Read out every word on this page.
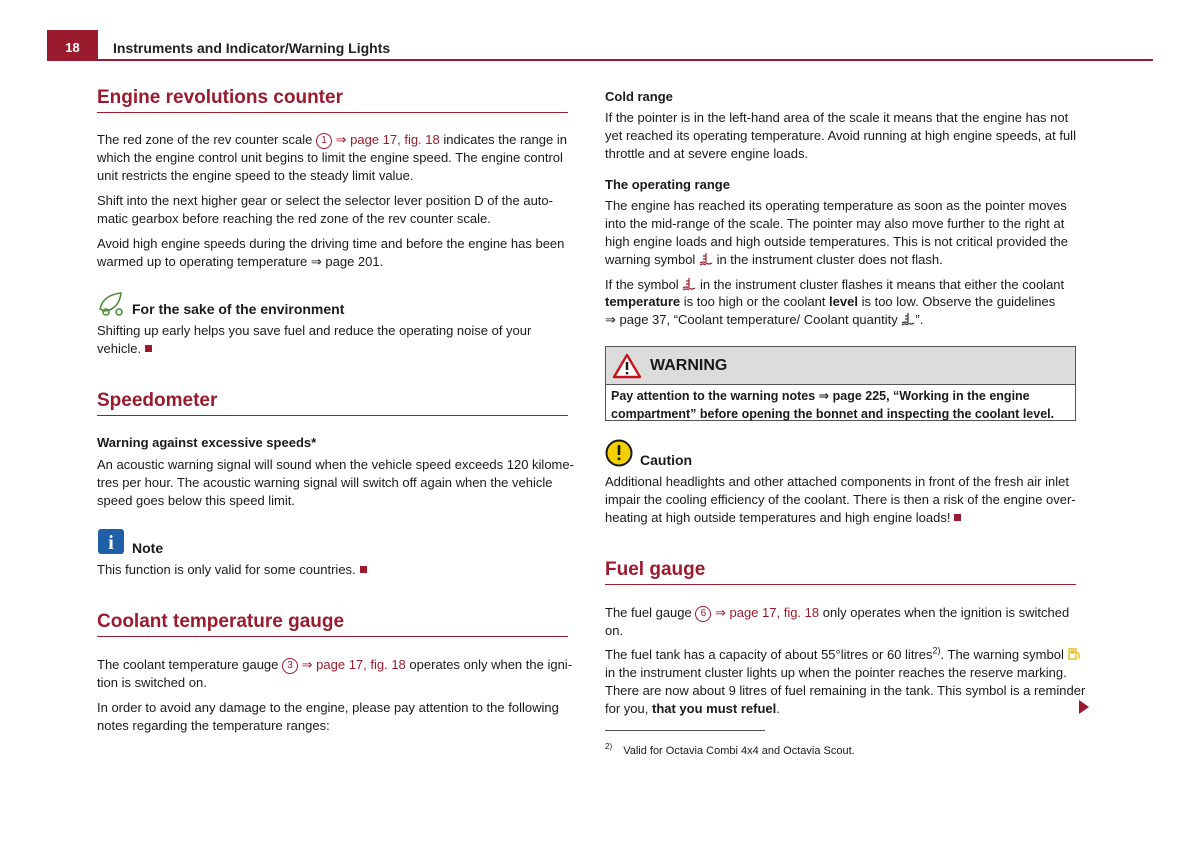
18	Instruments and Indicator/Warning Lights
Engine revolutions counter
The red zone of the rev counter scale 1 ⇒ page 17, fig. 18 indicates the range in
which the engine control unit begins to limit the engine speed. The engine control
unit restricts the engine speed to the steady limit value.
Shift into the next higher gear or select the selector lever position D of the auto-
matic gearbox before reaching the red zone of the rev counter scale.
Avoid high engine speeds during the driving time and before the engine has been
warmed up to operating temperature ⇒ page 201.
For the sake of the environment
Shifting up early helps you save fuel and reduce the operating noise of your
vehicle.
Speedometer
Warning against excessive speeds*
An acoustic warning signal will sound when the vehicle speed exceeds 120 kilome-
tres per hour. The acoustic warning signal will switch off again when the vehicle
speed goes below this speed limit.
i Note
This function is only valid for some countries.
Coolant temperature gauge
The coolant temperature gauge 3 ⇒ page 17, fig. 18 operates only when the igni-
tion is switched on.
In order to avoid any damage to the engine, please pay attention to the following
notes regarding the temperature ranges:
Cold range
If the pointer is in the left-hand area of the scale it means that the engine has not
yet reached its operating temperature. Avoid running at high engine speeds, at full
throttle and at severe engine loads.
The operating range
The engine has reached its operating temperature as soon as the pointer moves
into the mid-range of the scale. The pointer may also move further to the right at
high engine loads and high outside temperatures. This is not critical provided the
warning symbol in the instrument cluster does not flash.
If the symbol in the instrument cluster flashes it means that either the coolant
temperature is too high or the coolant level is too low. Observe the guidelines
⇒ page 37, “Coolant temperature/ Coolant quantity ”.
WARNING
Pay attention to the warning notes ⇒ page 225, “Working in the engine
compartment” before opening the bonnet and inspecting the coolant level.
Caution
Additional headlights and other attached components in front of the fresh air inlet
impair the cooling efficiency of the coolant. There is then a risk of the engine over-
heating at high outside temperatures and high engine loads!
Fuel gauge
The fuel gauge 6 ⇒ page 17, fig. 18 only operates when the ignition is switched
on.
The fuel tank has a capacity of about 55°litres or 60 litres$^{2)}$. The warning symbol
in the instrument cluster lights up when the pointer reaches the reserve marking.
There are now about 9 litres of fuel remaining in the tank. This symbol is a reminder
for you, that you must refuel.
$^{2)}$ Valid for Octavia Combi 4x4 and Octavia Scout.
